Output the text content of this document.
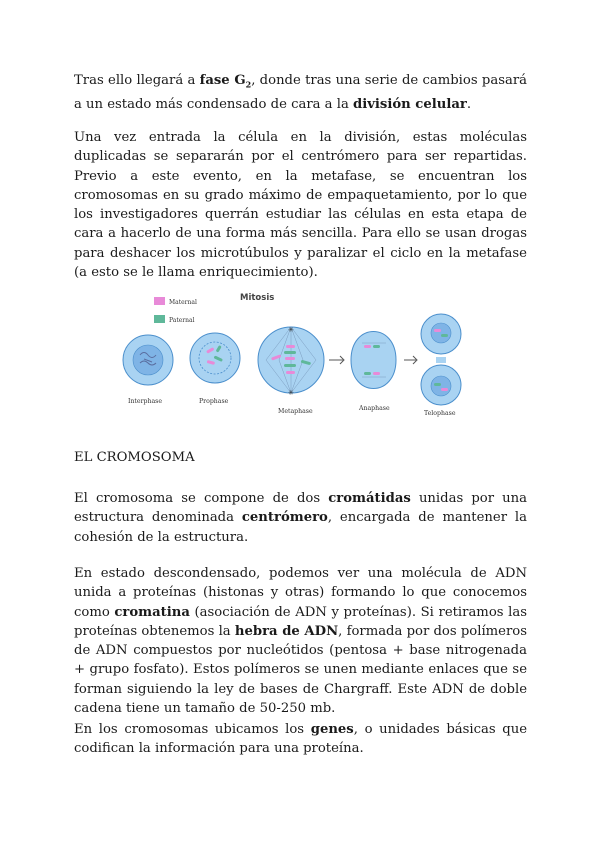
Tras ello llegará a fase $G_2$, donde tras una serie de cambios pasará a un estado más condensado de cara a la división celular.

Una vez entrada la célula en la división, estas moléculas duplicadas se separarán por el centrómero para ser repartidas. Previo a este evento, en la metafase, se encuentran los cromosomas en su grado máximo de empaquetamiento, por lo que los investigadores querrán estudiar las células en esta etapa de cara a hacerlo de una forma más sencilla. Para ello se usan drogas para deshacer los microtúbulos y paralizar el ciclo en la metafase (a esto se le llama enriquecimiento).

Mitosis
Maternal
Paternal
✳
✳
Interphase	Prophase
Metaphase	Anaphase
Telophase

EL CROMOSOMA

El cromosoma se compone de dos cromátidas unidas por una estructura denominada centrómero, encargada de mantener la cohesión de la estructura.

En estado descondensado, podemos ver una molécula de ADN unida a proteínas (histonas y otras) formando lo que conocemos como cromatina (asociación de ADN y proteínas). Si retiramos las proteínas obtenemos la hebra de ADN, formada por dos polímeros de ADN compuestos por nucleótidos (pentosa + base nitrogenada + grupo fosfato). Estos polímeros se unen mediante enlaces que se forman siguiendo la ley de bases de Chargraff. Este ADN de doble cadena tiene un tamaño de 50-250 mb.

En los cromosomas ubicamos los genes, o unidades básicas que codifican la información para una proteína.
